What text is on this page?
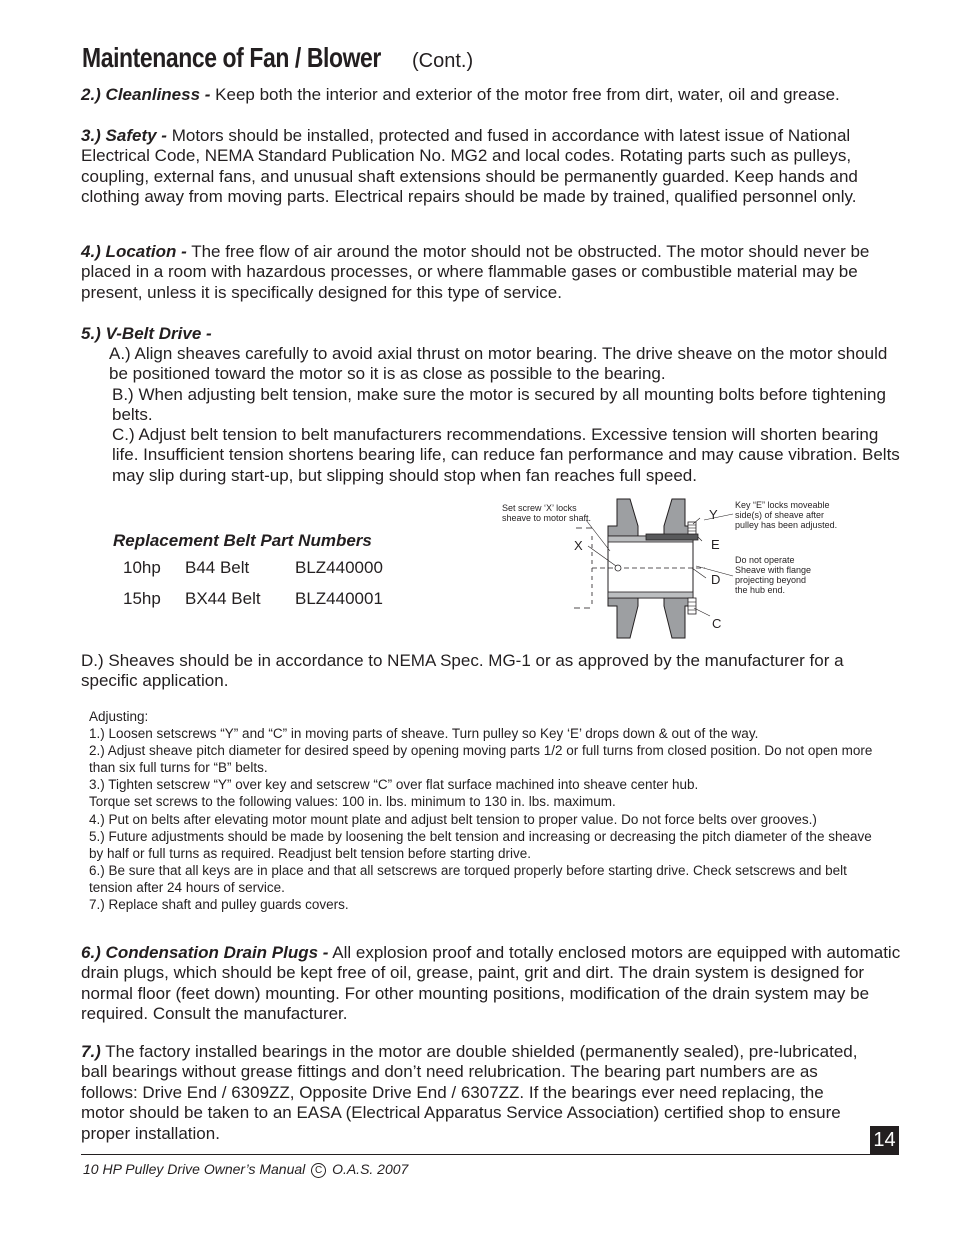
Maintenance of Fan / Blower (Cont.)
2.) Cleanliness - Keep both the interior and exterior of the motor free from dirt, water, oil and grease.
3.) Safety - Motors should be installed, protected and fused in accordance with latest issue of National Electrical Code, NEMA Standard Publication No. MG2 and local codes. Rotating parts such as pulleys, coupling, external fans, and unusual shaft extensions should be permanently guarded. Keep hands and clothing away from moving parts. Electrical repairs should be made by trained, qualified personnel only.
4.) Location - The free flow of air around the motor should not be obstructed. The motor should never be placed in a room with hazardous processes, or where flammable gases or combustible material may be present, unless it is specifically designed for this type of service.
5.) V-Belt Drive -
A.) Align sheaves carefully to avoid axial thrust on motor bearing. The drive sheave on the motor should be positioned toward the motor so it is as close as possible to the bearing.
B.) When adjusting belt tension, make sure the motor is secured by all mounting bolts before tightening belts.
C.) Adjust belt tension to belt manufacturers recommendations. Excessive tension will shorten bearing life. Insufficient tension shortens bearing life, can reduce fan performance and may cause vibration. Belts may slip during start-up, but slipping should stop when fan reaches full speed.
Replacement Belt Part Numbers
10hp B44 Belt	BLZ440000
15hp BX44 Belt BLZ440001
Set screw ‘X’ locks
sheave to motor shaft.
Key “E” locks moveable
side(s) of sheave after
pulley has been adjusted.
Do not operate
Sheave with flange
projecting beyond
the hub end.
X
Y
E
D
C
D.) Sheaves should be in accordance to NEMA Spec. MG-1 or as approved by the manufacturer for a specific application.
Adjusting:
1.) Loosen setscrews “Y” and “C” in moving parts of sheave. Turn pulley so Key ‘E’ drops down & out of the way.
2.) Adjust sheave pitch diameter for desired speed by opening moving parts 1/2 or full turns from closed position. Do not open more than six full turns for “B” belts.
3.) Tighten setscrew “Y” over key and setscrew “C” over flat surface machined into sheave center hub.
Torque set screws to the following values: 100 in. lbs. minimum to 130 in. lbs. maximum.
4.) Put on belts after elevating motor mount plate and adjust belt tension to proper value. Do not force belts over grooves.)
5.) Future adjustments should be made by loosening the belt tension and increasing or decreasing the pitch diameter of the sheave by half or full turns as required. Readjust belt tension before starting drive.
6.) Be sure that all keys are in place and that all setscrews are torqued properly before starting drive. Check setscrews and belt tension after 24 hours of service.
7.) Replace shaft and pulley guards covers.
6.) Condensation Drain Plugs - All explosion proof and totally enclosed motors are equipped with automatic drain plugs, which should be kept free of oil, grease, paint, grit and dirt. The drain system is designed for normal floor (feet down) mounting. For other mounting positions, modification of the drain system may be required. Consult the manufacturer.
7.) The factory installed bearings in the motor are double shielded (permanently sealed), pre-lubricated, ball bearings without grease fittings and don’t need relubrication. The bearing part numbers are as follows: Drive End / 6309ZZ, Opposite Drive End / 6307ZZ. If the bearings ever need replacing, the motor should be taken to an EASA (Electrical Apparatus Service Association) certified shop to ensure proper installation.	14
10 HP Pulley Drive Owner’s Manual C O.A.S. 2007
